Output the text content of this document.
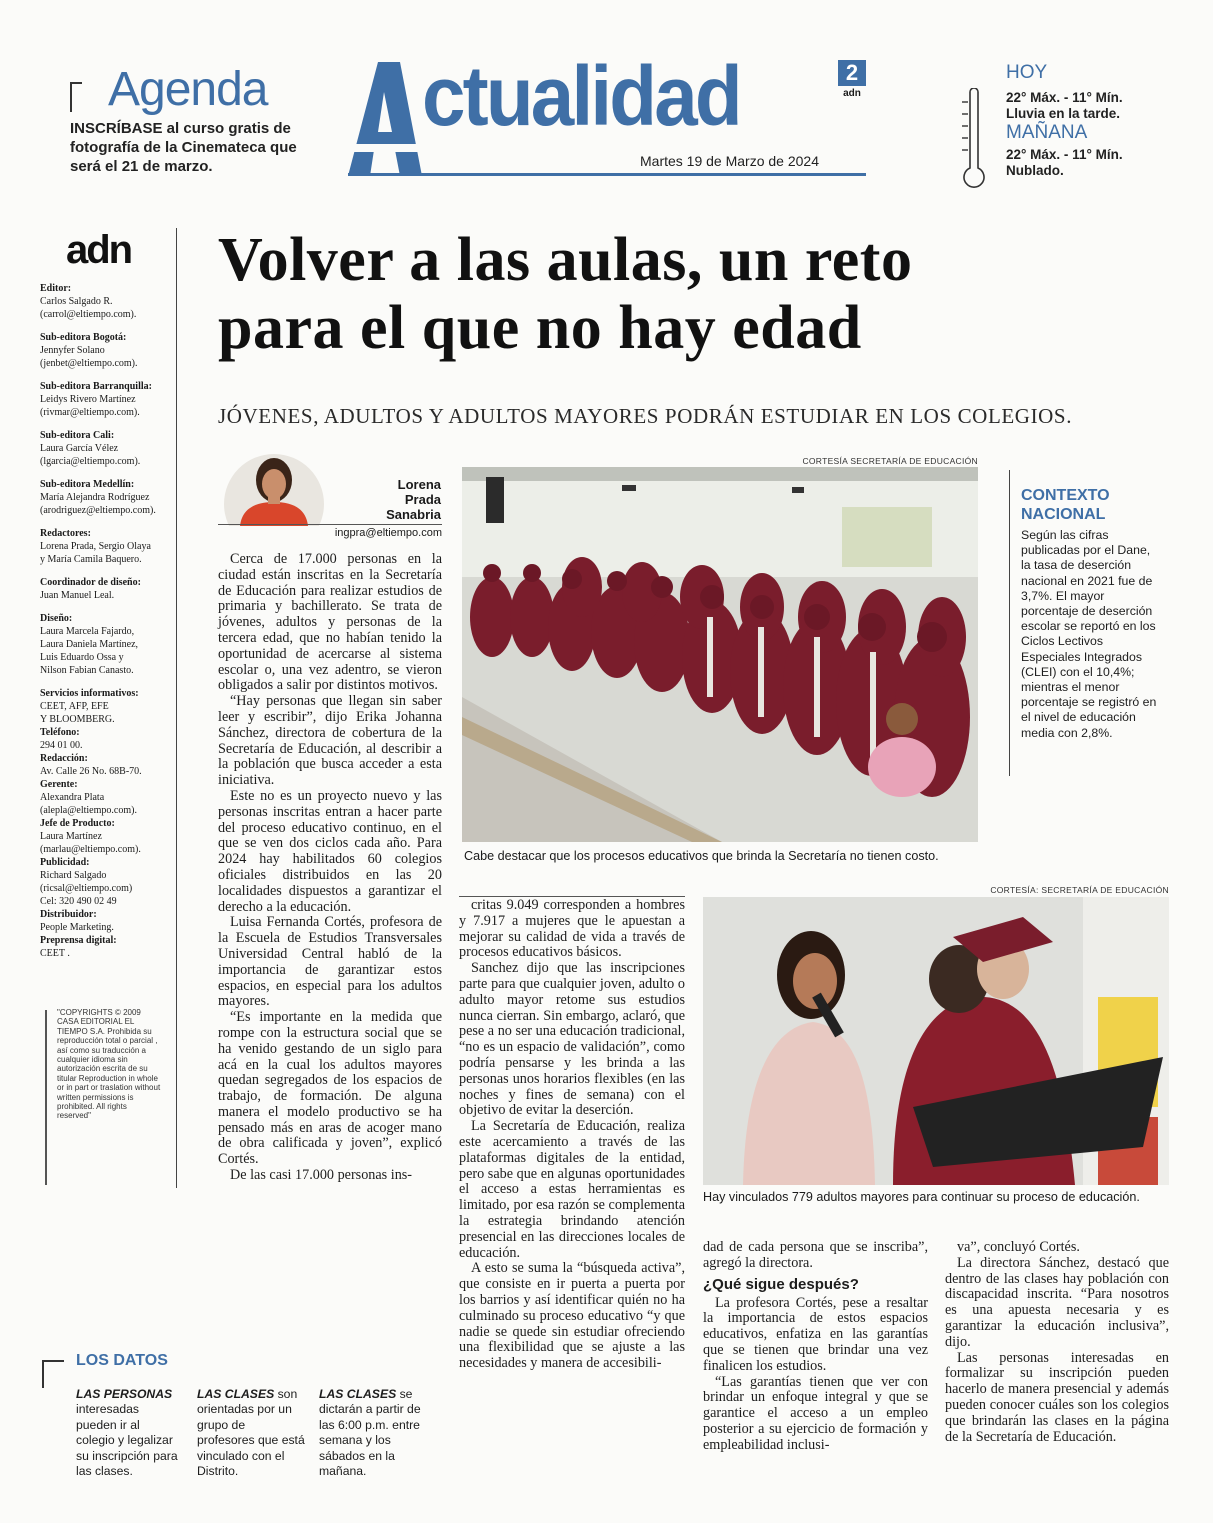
Agenda
INSCRÍBASE al curso gratis de fotografía de la Cinemateca que será el 21 de marzo.
ctualidad	2
adn
Martes 19 de Marzo de 2024
HOY
22° Máx. - 11° Mín.
Lluvia en la tarde.
MAÑANA
22° Máx. - 11° Mín.
Nublado.
adn
Editor:
Carlos Salgado R.
(carrol@eltiempo.com).
Sub-editora Bogotá:
Jennyfer Solano
(jenbet@eltiempo.com).
Sub-editora Barranquilla:
Leidys Rivero Martínez
(rivmar@eltiempo.com).
Sub-editora Cali:
Laura García Vélez
(lgarcia@eltiempo.com).
Sub-editora Medellín:
María Alejandra Rodríguez
(arodriguez@eltiempo.com).
Redactores:
Lorena Prada, Sergio Olaya
y María Camila Baquero.
Coordinador de diseño:
Juan Manuel Leal.
Diseño:
Laura Marcela Fajardo,
Laura Daniela Martínez,
Luis Eduardo Ossa y
Nilson Fabian Canasto.
Servicios informativos:
CEET, AFP, EFE
Y BLOOMBERG.
Teléfono:
294 01 00.
Redacción:
Av. Calle 26 No. 68B-70.
Gerente:
Alexandra Plata
(alepla@eltiempo.com).
Jefe de Producto:
Laura Martínez
(marlau@eltiempo.com).
Publicidad:
Richard Salgado
(ricsal@eltiempo.com)
Cel: 320 490 02 49
Distribuidor:
People Marketing.
Preprensa digital:
CEET .
"COPYRIGHTS © 2009 CASA EDITORIAL EL TIEMPO S.A. Prohibida su reproducción total o parcial , así como su traducción a cualquier idioma sin autorización escrita de su titular Reproduction in whole or in part or traslation without written permissions is prohibited. All rights reserved"
Volver a las aulas, un reto
para el que no hay edad
JÓVENES, ADULTOS Y ADULTOS MAYORES PODRÁN ESTUDIAR EN LOS COLEGIOS.
Lorena
Prada
Sanabria
ingpra@eltiempo.com

Cerca de 17.000 personas en la ciudad están inscritas en la Secretaría de Educación para realizar estudios de primaria y bachillerato. Se trata de jóvenes, adultos y personas de la tercera edad, que no habían tenido la oportunidad de acercarse al sistema escolar o, una vez adentro, se vieron obligados a salir por distintos motivos.

“Hay personas que llegan sin saber leer y escribir”, dijo Erika Johanna Sánchez, directora de cobertura de la Secretaría de Educación, al describir a la población que busca acceder a esta iniciativa.

Este no es un proyecto nuevo y las personas inscritas entran a hacer parte del proceso educativo continuo, en el que se ven dos ciclos cada año. Para 2024 hay habilitados 60 colegios oficiales distribuidos en las 20 localidades dispuestos a garantizar el derecho a la educación.

Luisa Fernanda Cortés, profesora de la Escuela de Estudios Transversales Universidad Central habló de la importancia de garantizar estos espacios, en especial para los adultos mayores.

“Es importante en la medida que rompe con la estructura social que se ha venido gestando de un siglo para acá en la cual los adultos mayores quedan segregados de los espacios de trabajo, de formación. De alguna manera el modelo productivo se ha pensado más en aras de acoger mano de obra calificada y joven”, explicó Cortés.

De las casi 17.000 personas ins-

critas 9.049 corresponden a hombres y 7.917 a mujeres que le apuestan a mejorar su calidad de vida a través de procesos educativos básicos.

Sanchez dijo que las inscripciones parte para que cualquier joven, adulto o adulto mayor retome sus estudios nunca cierran. Sin embargo, aclaró, que pese a no ser una educación tradicional, “no es un espacio de validación”, como podría pensarse y les brinda a las personas unos horarios flexibles (en las noches y fines de semana) con el objetivo de evitar la deserción.

La Secretaría de Educación, realiza este acercamiento a través de las plataformas digitales de la entidad, pero sabe que en algunas oportunidades el acceso a estas herramientas es limitado, por esa razón se complementa la estrategia brindando atención presencial en las direcciones locales de educación.

A esto se suma la “búsqueda activa”, que consiste en ir puerta a puerta por los barrios y así identificar quién no ha culminado su proceso educativo “y que nadie se quede sin estudiar ofreciendo una flexibilidad que se ajuste a las necesidades y manera de accesibili-

dad de cada persona que se inscriba”, agregó la directora.
¿Qué sigue después?

La profesora Cortés, pese a resaltar la importancia de estos espacios educativos, enfatiza en las garantías que se tienen que brindar una vez finalicen los estudios.

“Las garantías tienen que ver con brindar un enfoque integral y que se garantice el acceso a un empleo posterior a su ejercicio de formación y empleabilidad inclusi-

va”, concluyó Cortés.

La directora Sánchez, destacó que dentro de las clases hay población con discapacidad inscrita. “Para nosotros es una apuesta necesaria y es garantizar la educación inclusiva”, dijo.

Las personas interesadas en formalizar su inscripción pueden hacerlo de manera presencial y además pueden conocer cuáles son los colegios que brindarán las clases en la página de la Secretaría de Educación.

CORTESÍA SECRETARÍA DE EDUCACIÓN
Cabe destacar que los procesos educativos que brinda la Secretaría no tienen costo.
CORTESÍA: SECRETARÍA DE EDUCACIÓN
Hay vinculados 779 adultos mayores para continuar su proceso de educación.
CONTEXTO NACIONAL
Según las cifras publicadas por el Dane, la tasa de deserción nacional en 2021 fue de 3,7%. El mayor porcentaje de deserción escolar se reportó en los Ciclos Lectivos Especiales Integrados (CLEI) con el 10,4%; mientras el menor porcentaje se registró en el nivel de educación media con 2,8%.
LOS DATOS
LAS PERSONAS interesadas pueden ir al colegio y legalizar su inscripción para las clases.
LAS CLASES son orientadas por un grupo de profesores que está vinculado con el Distrito.
LAS CLASES se dictarán a partir de las 6:00 p.m. entre semana y los sábados en la mañana.
